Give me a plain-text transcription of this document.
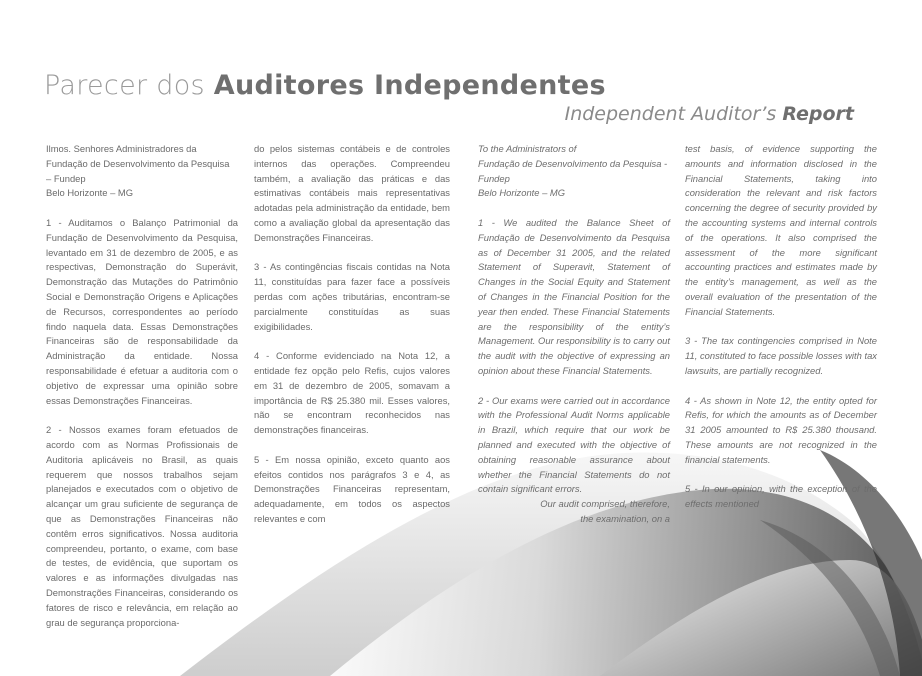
Parecer dos Auditores Independentes
Independent Auditor’s Report

Ilmos. Senhores Administradores da
Fundação de Desenvolvimento da Pesquisa
– Fundep
Belo Horizonte – MG

1 - Auditamos o Balanço Patrimonial da Fundação de Desenvolvimento da Pesquisa, levantado em 31 de dezembro de 2005, e as respectivas, Demonstração do Superávit, Demonstração das Mutações do Patrimônio Social e Demonstração Origens e Aplicações de Recursos, correspondentes ao período findo naquela data. Essas Demonstrações Financeiras são de responsabilidade da Administração da entidade. Nossa responsabilidade é efetuar a auditoria com o objetivo de expressar uma opinião sobre essas Demonstrações Financeiras.

2 - Nossos exames foram efetuados de acordo com as Normas Profissionais de Auditoria aplicáveis no Brasil, as quais requerem que nossos trabalhos sejam planejados e executados com o objetivo de alcançar um grau suficiente de segurança de que as Demonstrações Financeiras não contêm erros significativos. Nossa auditoria compreendeu, portanto, o exame, com base de testes, de evidência, que suportam os valores e as informações divulgadas nas Demonstrações Financeiras, considerando os fatores de risco e relevância, em relação ao grau de segurança proporciona-

do pelos sistemas contábeis e de controles internos das operações. Compreendeu também, a avaliação das práticas e das estimativas contábeis mais representativas adotadas pela administração da entidade, bem como a avaliação global da apresentação das Demonstrações Financeiras.

3 - As contingências fiscais contidas na Nota 11, constituídas para fazer face a possíveis perdas com ações tributárias, encontram-se parcialmente constituídas as suas exigibilidades.

4 - Conforme evidenciado na Nota 12, a entidade fez opção pelo Refis, cujos valores em 31 de dezembro de 2005, somavam a importância de R$ 25.380 mil. Esses valores, não se encontram reconhecidos nas demonstrações financeiras.

5 - Em nossa opinião, exceto quanto aos efeitos contidos nos parágrafos 3 e 4, as Demonstrações Financeiras representam, adequadamente, em todos os aspectos relevantes e com

To the Administrators of
Fundação de Desenvolvimento da Pesquisa -
Fundep
Belo Horizonte – MG

1 - We audited the Balance Sheet of Fundação de Desenvolvimento da Pesquisa as of December 31 2005, and the related Statement of Superavit, Statement of Changes in the Social Equity and Statement of Changes in the Financial Position for the year then ended. These Financial Statements are the responsibility of the entity’s Management. Our responsibility is to carry out the audit with the objective of expressing an opinion about these Financial Statements.

2 - Our exams were carried out in accordance with the Professional Audit Norms applicable in Brazil, which require that our work be planned and executed with the objective of obtaining reasonable assurance about whether the Financial Statements do not contain significant errors.

Our audit comprised, therefore,
the examination, on a

test basis, of evidence supporting the amounts and information disclosed in the Financial Statements, taking into consideration the relevant and risk factors concerning the degree of security provided by the accounting systems and internal controls of the operations. It also comprised the assessment of the more significant accounting practices and estimates made by the entity’s management, as well as the overall evaluation of the presentation of the Financial Statements.

3 - The tax contingencies comprised in Note 11, constituted to face possible losses with tax lawsuits, are partially recognized.

4 - As shown in Note 12, the entity opted for Refis, for which the amounts as of December 31 2005 amounted to R$ 25.380 thousand. These amounts are not recognized in the financial statements.

5 - In our opinion, with the exception of the effects mentioned
